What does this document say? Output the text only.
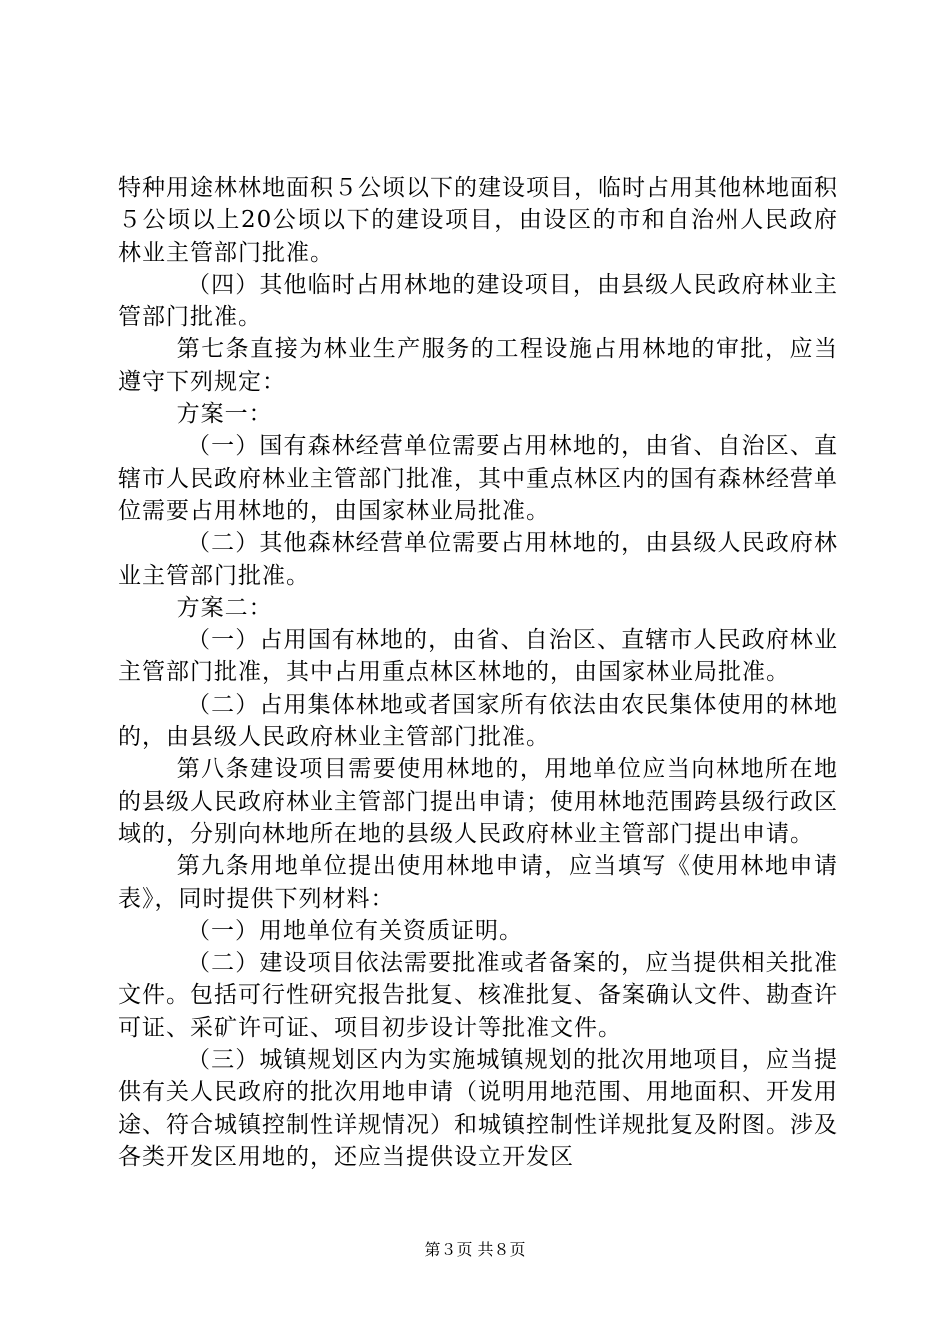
特种用途林林地面积５公顷以下的建设项目，临时占用其他林地面积５公顷以上20公顷以下的建设项目，由设区的市和自治州人民政府林业主管部门批准。

（四）其他临时占用林地的建设项目，由县级人民政府林业主管部门批准。

第七条直接为林业生产服务的工程设施占用林地的审批，应当遵守下列规定：

方案一：

（一）国有森林经营单位需要占用林地的，由省、自治区、直辖市人民政府林业主管部门批准，其中重点林区内的国有森林经营单位需要占用林地的，由国家林业局批准。

（二）其他森林经营单位需要占用林地的，由县级人民政府林业主管部门批准。

方案二：

（一）占用国有林地的，由省、自治区、直辖市人民政府林业主管部门批准，其中占用重点林区林地的，由国家林业局批准。

（二）占用集体林地或者国家所有依法由农民集体使用的林地的，由县级人民政府林业主管部门批准。

第八条建设项目需要使用林地的，用地单位应当向林地所在地的县级人民政府林业主管部门提出申请；使用林地范围跨县级行政区域的，分别向林地所在地的县级人民政府林业主管部门提出申请。

第九条用地单位提出使用林地申请，应当填写《使用林地申请表》，同时提供下列材料：

（一）用地单位有关资质证明。

（二）建设项目依法需要批准或者备案的，应当提供相关批准文件。包括可行性研究报告批复、核准批复、备案确认文件、勘查许可证、采矿许可证、项目初步设计等批准文件。

（三）城镇规划区内为实施城镇规划的批次用地项目，应当提供有关人民政府的批次用地申请（说明用地范围、用地面积、开发用途、符合城镇控制性详规情况）和城镇控制性详规批复及附图。涉及各类开发区用地的，还应当提供设立开发区

第３页 共８页
